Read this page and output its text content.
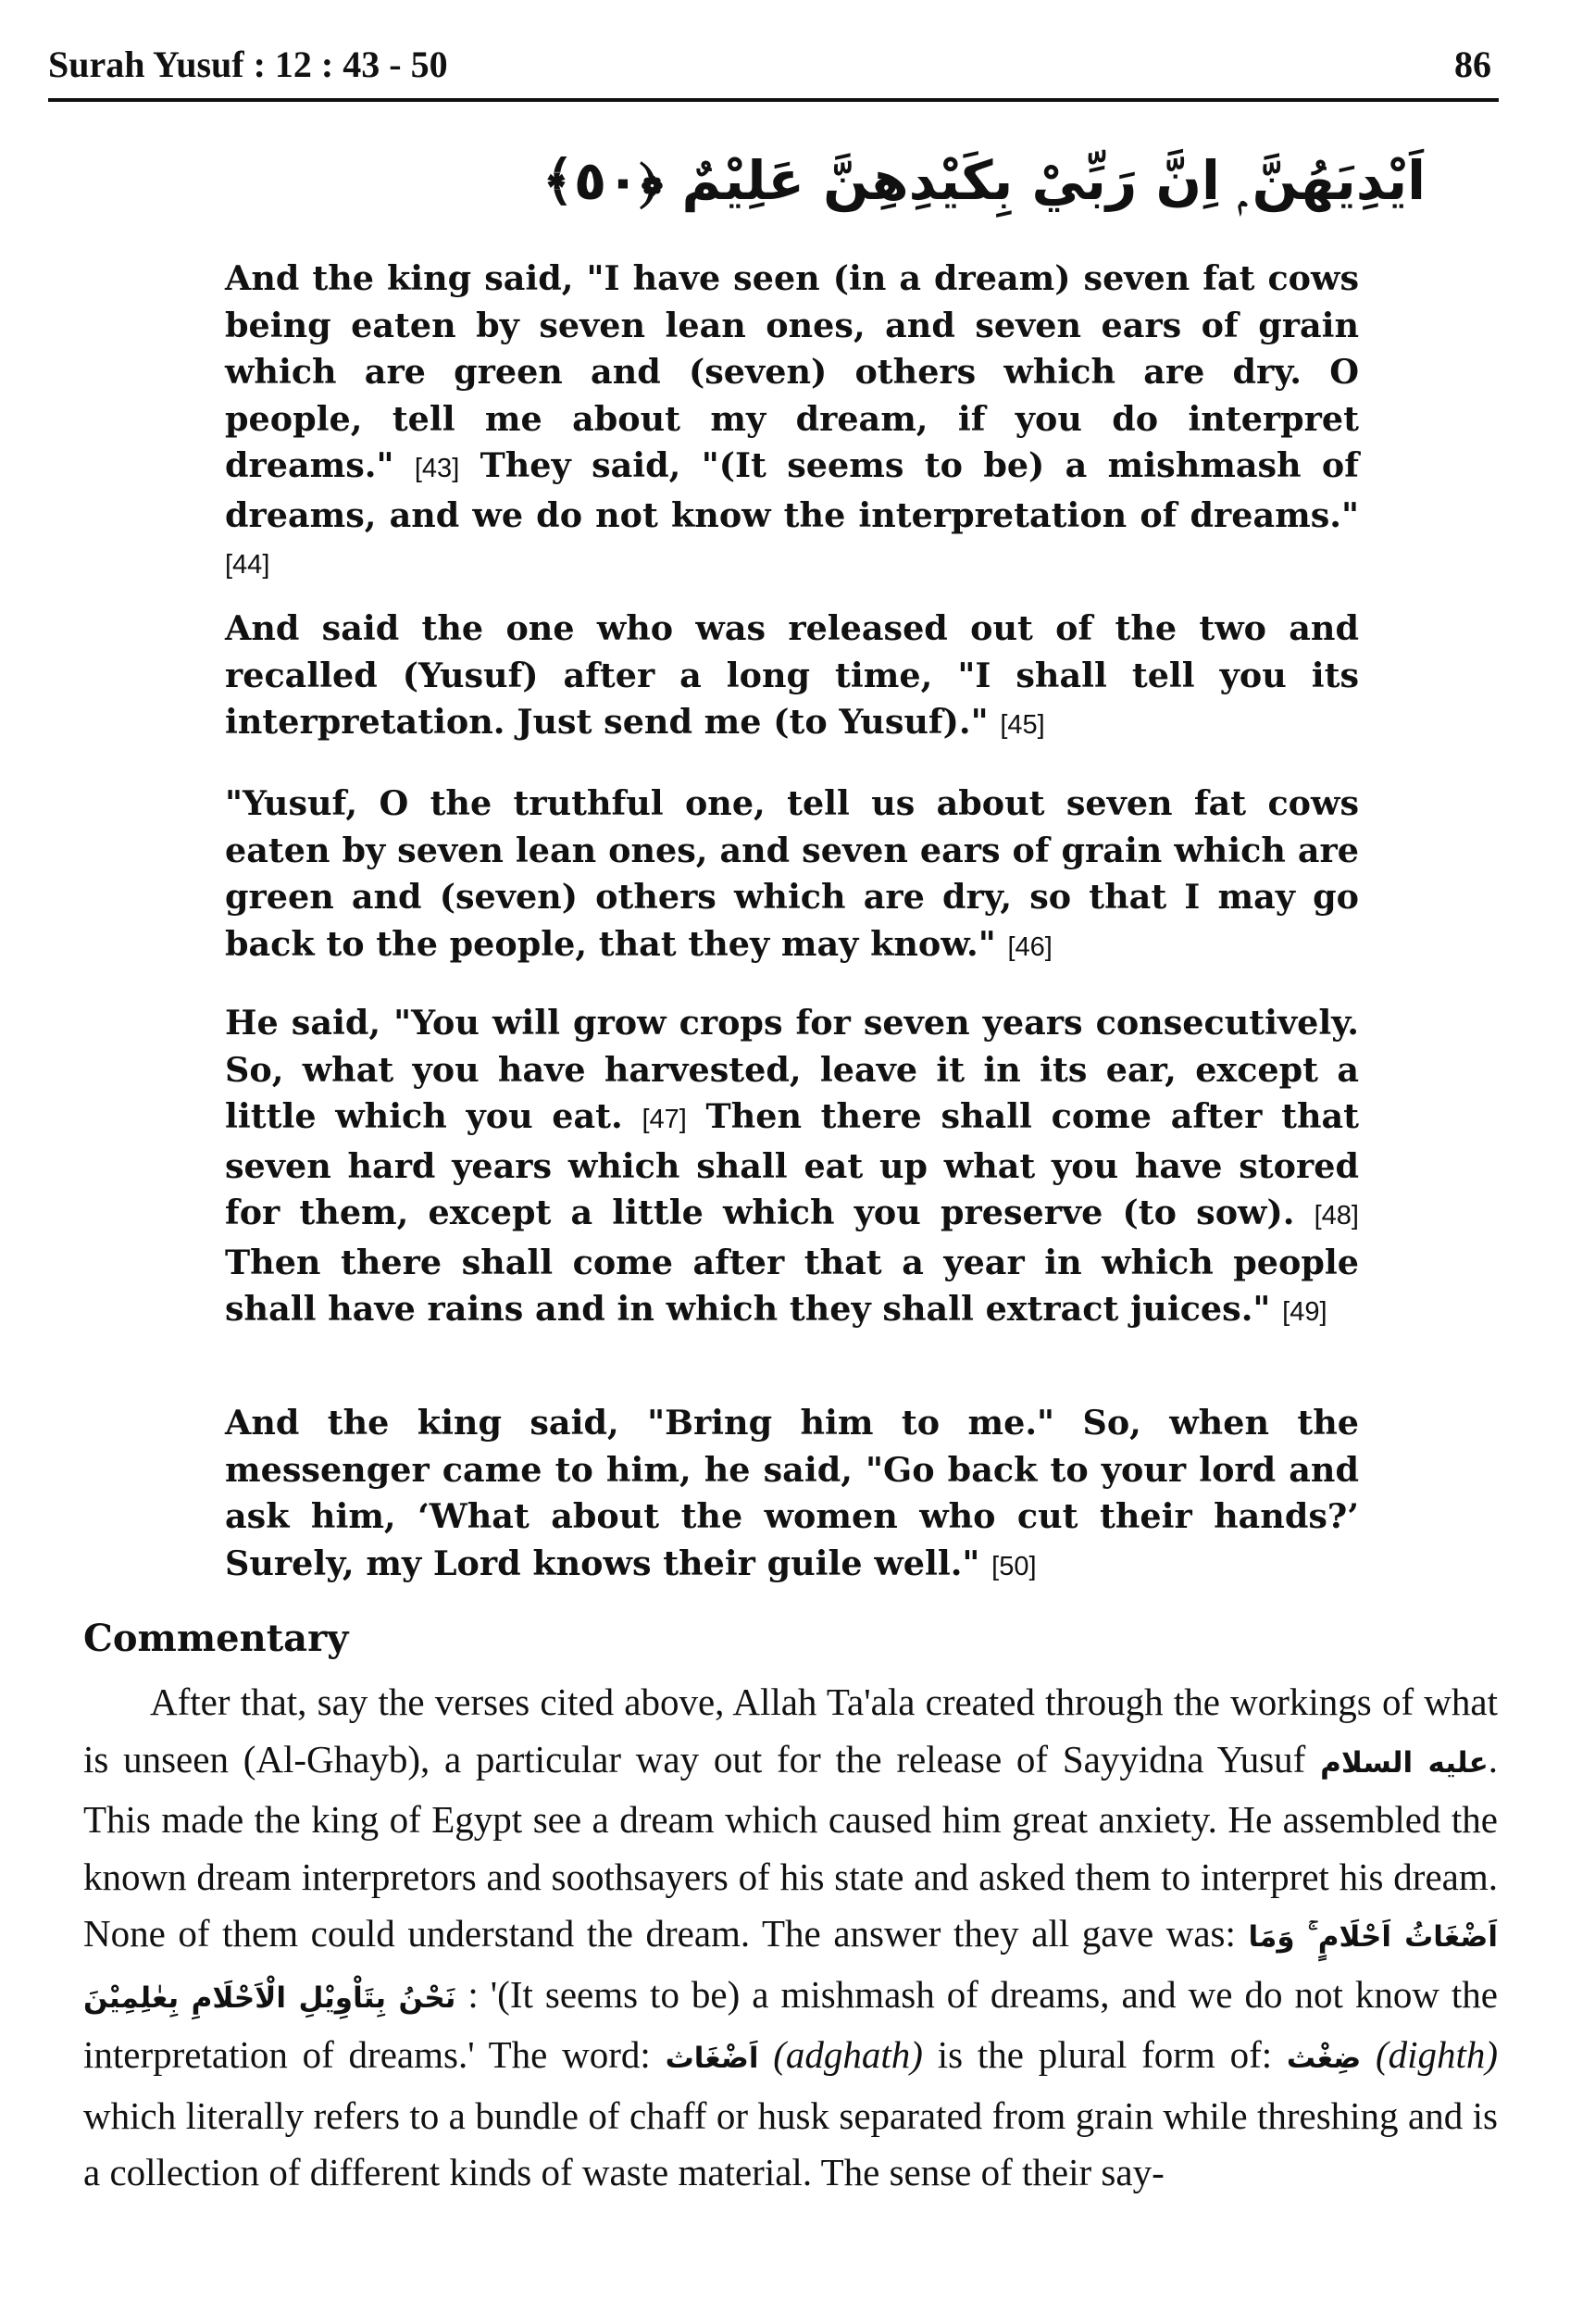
Surah Yusuf : 12 : 43 - 50	86
اَيْدِيَهُنَّ ۭ اِنَّ رَبِّيْ بِكَيْدِهِنَّ عَلِيْمٌ ﴿٥٠﴾

And the king said, "I have seen (in a dream) seven fat cows being eaten by seven lean ones, and seven ears of grain which are green and (seven) others which are dry. O people, tell me about my dream, if you do interpret dreams." [43] They said, "(It seems to be) a mishmash of dreams, and we do not know the interpretation of dreams." [44]

And said the one who was released out of the two and recalled (Yusuf) after a long time, "I shall tell you its interpretation. Just send me (to Yusuf)." [45]

"Yusuf, O the truthful one, tell us about seven fat cows eaten by seven lean ones, and seven ears of grain which are green and (seven) others which are dry, so that I may go back to the people, that they may know." [46]

He said, "You will grow crops for seven years consecutively. So, what you have harvested, leave it in its ear, except a little which you eat. [47] Then there shall come after that seven hard years which shall eat up what you have stored for them, except a little which you preserve (to sow). [48] Then there shall come after that a year in which people shall have rains and in which they shall extract juices." [49]

And the king said, "Bring him to me." So, when the messenger came to him, he said, "Go back to your lord and ask him, ‘What about the women who cut their hands?’ Surely, my Lord knows their guile well." [50]

Commentary

After that, say the verses cited above, Allah Ta'ala created through the workings of what is unseen (Al-Ghayb), a particular way out for the release of Sayyidna Yusuf عليه السلام. This made the king of Egypt see a dream which caused him great anxiety. He assembled the known dream interpretors and soothsayers of his state and asked them to interpret his dream. None of them could understand the dream. The answer they all gave was: اَضْغَاثُ اَحْلَامٍ ۚ وَمَا نَحْنُ بِتَاْوِيْلِ الْاَحْلَامِ بِعٰلِمِيْنَ : '(It seems to be) a mishmash of dreams, and we do not know the interpretation of dreams.' The word: اَضْغَاث (adghath) is the plural form of: ضِغْث (dighth) which literally refers to a bundle of chaff or husk separated from grain while threshing and is a collection of different kinds of waste material. The sense of their say-
